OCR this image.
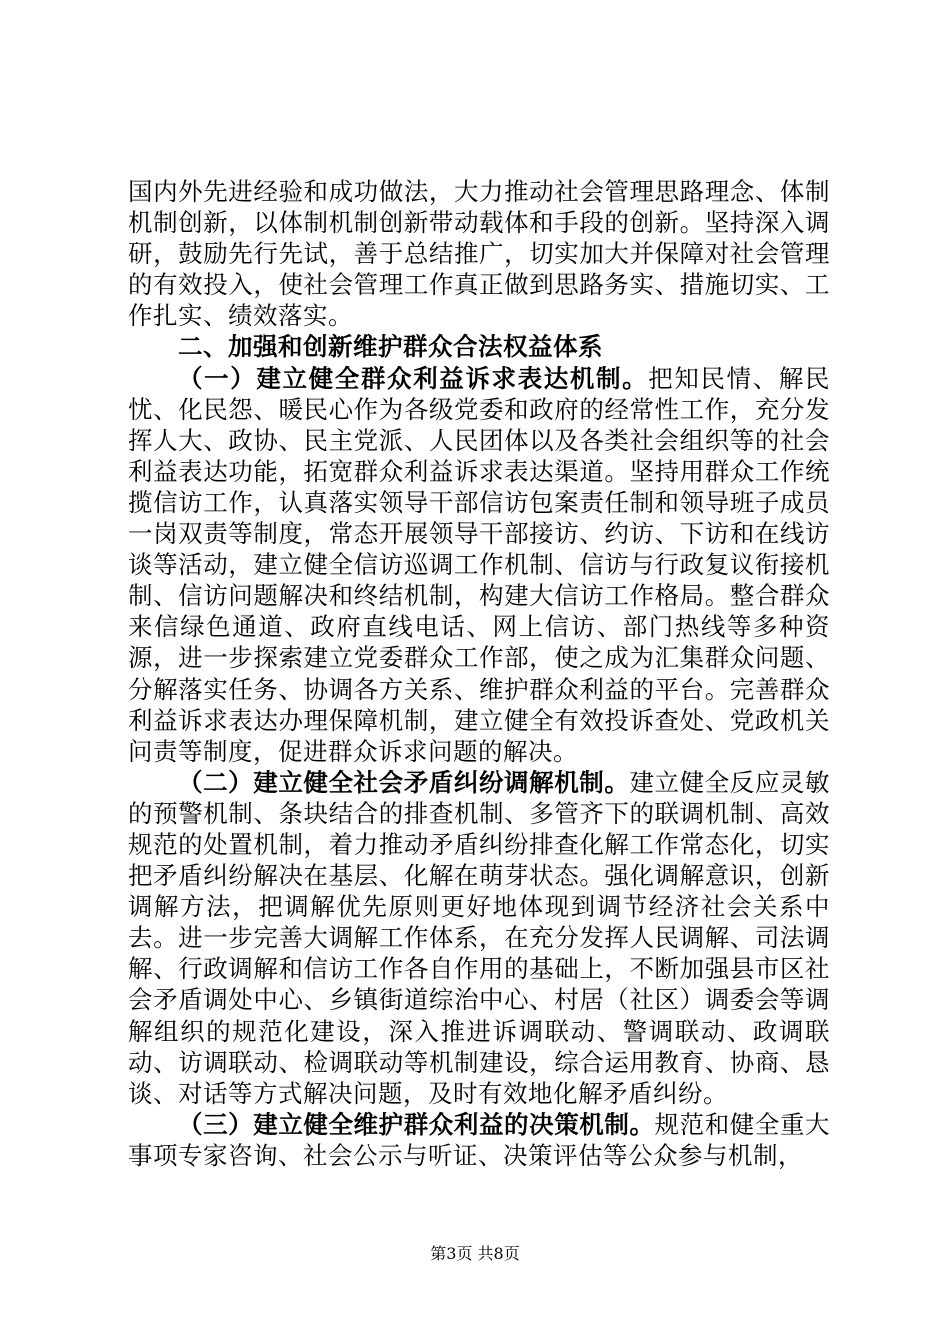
国内外先进经验和成功做法，大力推动社会管理思路理念、体制机制创新，以体制机制创新带动载体和手段的创新。坚持深入调研，鼓励先行先试，善于总结推广，切实加大并保障对社会管理的有效投入，使社会管理工作真正做到思路务实、措施切实、工作扎实、绩效落实。

二、加强和创新维护群众合法权益体系

（一）建立健全群众利益诉求表达机制。把知民情、解民忧、化民怨、暖民心作为各级党委和政府的经常性工作，充分发挥人大、政协、民主党派、人民团体以及各类社会组织等的社会利益表达功能，拓宽群众利益诉求表达渠道。坚持用群众工作统揽信访工作，认真落实领导干部信访包案责任制和领导班子成员一岗双责等制度，常态开展领导干部接访、约访、下访和在线访谈等活动，建立健全信访巡调工作机制、信访与行政复议衔接机制、信访问题解决和终结机制，构建大信访工作格局。整合群众来信绿色通道、政府直线电话、网上信访、部门热线等多种资源，进一步探索建立党委群众工作部，使之成为汇集群众问题、分解落实任务、协调各方关系、维护群众利益的平台。完善群众利益诉求表达办理保障机制，建立健全有效投诉查处、党政机关问责等制度，促进群众诉求问题的解决。

（二）建立健全社会矛盾纠纷调解机制。建立健全反应灵敏的预警机制、条块结合的排查机制、多管齐下的联调机制、高效规范的处置机制，着力推动矛盾纠纷排查化解工作常态化，切实把矛盾纠纷解决在基层、化解在萌芽状态。强化调解意识，创新调解方法，把调解优先原则更好地体现到调节经济社会关系中去。进一步完善大调解工作体系，在充分发挥人民调解、司法调解、行政调解和信访工作各自作用的基础上，不断加强县市区社会矛盾调处中心、乡镇街道综治中心、村居（社区）调委会等调解组织的规范化建设，深入推进诉调联动、警调联动、政调联动、访调联动、检调联动等机制建设，综合运用教育、协商、恳谈、对话等方式解决问题，及时有效地化解矛盾纠纷。

（三）建立健全维护群众利益的决策机制。规范和健全重大事项专家咨询、社会公示与听证、决策评估等公众参与机制，

第3页 共8页
